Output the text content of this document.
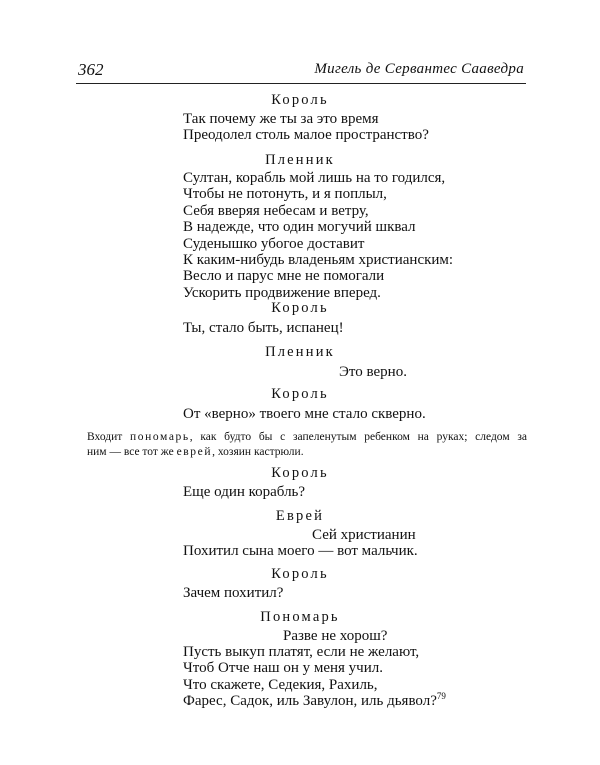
362	Мигель де Сервантес Сааведра
Король
Так почему же ты за это время
Преодолел столь малое пространство?
Пленник
Султан, корабль мой лишь на то годился,
Чтобы не потонуть, и я поплыл,
Себя вверяя небесам и ветру,
В надежде, что один могучий шквал
Суденышко убогое доставит
К каким-нибудь владеньям христианским:
Весло и парус мне не помогали
Ускорить продвижение вперед.
Король
Ты, стало быть, испанец!
Пленник
Это верно.
Король
От «верно» твоего мне стало скверно.
Входит пономарь, как будто бы с запеленутым ребенком на руках; следом за
ним — все тот же еврей, хозяин кастрюли.
Король
Еще один корабль?
Еврей
Сей христианин
Похитил сына моего — вот мальчик.
Король
Зачем похитил?
Пономарь
Разве не хорош?
Пусть выкуп платят, если не желают,
Чтоб Отче наш он у меня учил.
Что скажете, Седекия, Рахиль,
Фарес, Садок, иль Завулон, иль дьявол?$^{79}$
